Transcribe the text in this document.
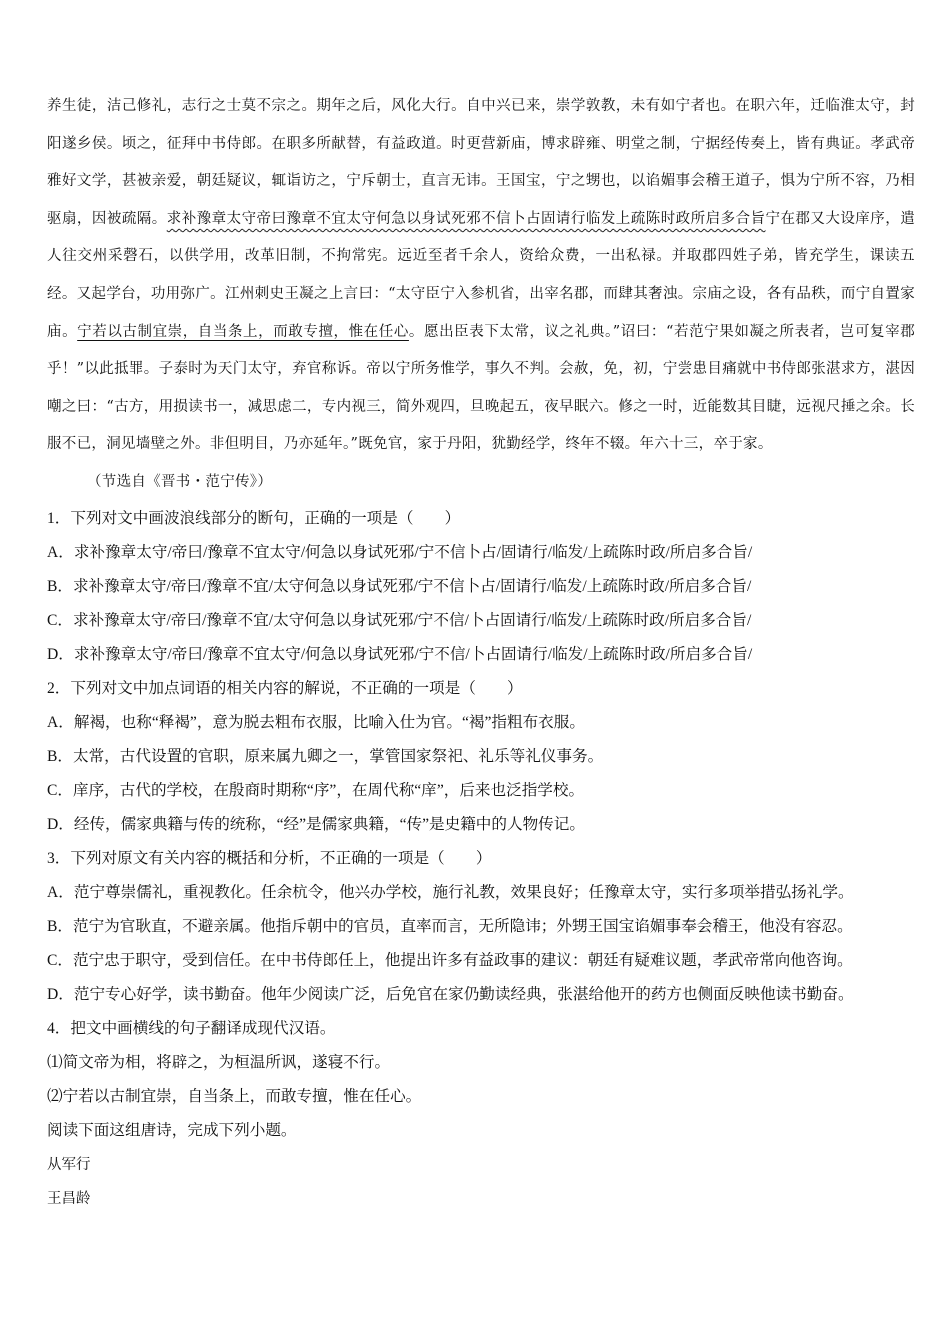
养生徒，洁己修礼，志行之士莫不宗之。期年之后，风化大行。自中兴已来，崇学敦教，未有如宁者也。在职六年，迁临淮太守，封阳遂乡侯。顷之，征拜中书侍郎。在职多所献替，有益政道。时更营新庙，博求辟雍、明堂之制，宁据经传奏上，皆有典证。孝武帝雅好文学，甚被亲爱，朝廷疑议，辄诣访之，宁斥朝士，直言无讳。王国宝，宁之甥也，以谄媚事会稽王道子，惧为宁所不容，乃相驱扇，因被疏隔。求补豫章太守帝曰豫章不宜太守何急以身试死邪不信卜占固请行临发上疏陈时政所启多合旨宁在郡又大设庠序，遣人往交州采磬石，以供学用，改革旧制，不拘常宪。远近至者千余人，资给众费，一出私禄。并取郡四姓子弟，皆充学生，课读五经。又起学台，功用弥广。江州刺史王凝之上言曰：“太守臣宁入参机省，出宰名郡，而肆其奢浊。宗庙之设，各有品秩，而宁自置家庙。宁若以古制宜崇，自当条上，而敢专擅，惟在任心。愿出臣表下太常，议之礼典。”诏曰：“若范宁果如凝之所表者，岂可复宰郡乎！”以此抵罪。子泰时为天门太守，弃官称诉。帝以宁所务惟学，事久不判。会赦，免，初，宁尝患目痛就中书侍郎张湛求方，湛因嘲之曰：“古方，用损读书一，减思虑二，专内视三，简外观四，旦晚起五，夜早眠六。修之一时，近能数其目睫，远视尺捶之余。长服不已，洞见墙壁之外。非但明目，乃亦延年。”既免官，家于丹阳，犹勤经学，终年不辍。年六十三，卒于家。

（节选自《晋书・范宁传》）

1．下列对文中画波浪线部分的断句，正确的一项是（　　）

A．求补豫章太守/帝曰/豫章不宜太守/何急以身试死邪/宁不信卜占/固请行/临发/上疏陈时政/所启多合旨/

B．求补豫章太守/帝曰/豫章不宜/太守何急以身试死邪/宁不信卜占/固请行/临发/上疏陈时政/所启多合旨/

C．求补豫章太守/帝曰/豫章不宜/太守何急以身试死邪/宁不信/卜占固请行/临发/上疏陈时政/所启多合旨/

D．求补豫章太守/帝曰/豫章不宜太守/何急以身试死邪/宁不信/卜占固请行/临发/上疏陈时政/所启多合旨/

2．下列对文中加点词语的相关内容的解说，不正确的一项是（　　）

A．解褐，也称“释褐”，意为脱去粗布衣服，比喻入仕为官。“褐”指粗布衣服。

B．太常，古代设置的官职，原来属九卿之一，掌管国家祭祀、礼乐等礼仪事务。

C．庠序，古代的学校，在殷商时期称“序”，在周代称“庠”，后来也泛指学校。

D．经传，儒家典籍与传的统称，“经”是儒家典籍，“传”是史籍中的人物传记。

3．下列对原文有关内容的概括和分析，不正确的一项是（　　）

A．范宁尊崇儒礼，重视教化。任余杭令，他兴办学校，施行礼教，效果良好；任豫章太守，实行多项举措弘扬礼学。

B．范宁为官耿直，不避亲属。他指斥朝中的官员，直率而言，无所隐讳；外甥王国宝谄媚事奉会稽王，他没有容忍。

C．范宁忠于职守，受到信任。在中书侍郎任上，他提出许多有益政事的建议：朝廷有疑难议题，孝武帝常向他咨询。

D．范宁专心好学，读书勤奋。他年少阅读广泛，后免官在家仍勤读经典，张湛给他开的药方也侧面反映他读书勤奋。

4．把文中画横线的句子翻译成现代汉语。

⑴简文帝为相，将辟之，为桓温所讽，遂寝不行。

⑵宁若以古制宜崇，自当条上，而敢专擅，惟在任心。

阅读下面这组唐诗，完成下列小题。

从军行

王昌龄
